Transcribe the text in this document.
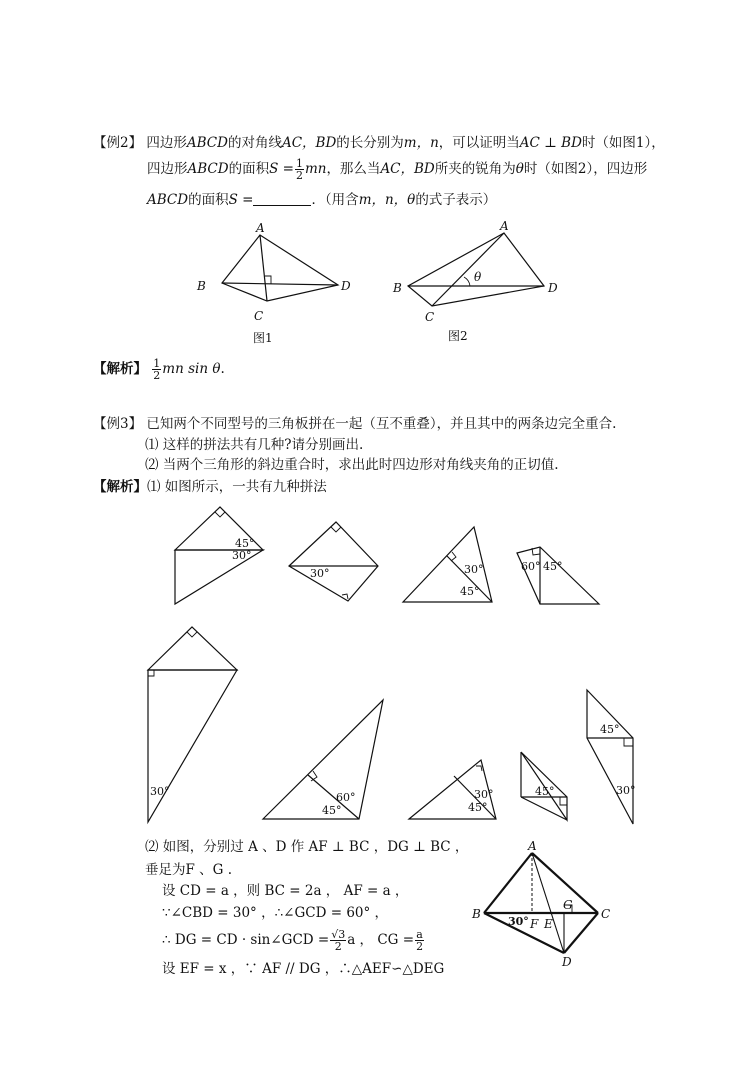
【例2】 四边形ABCD的对角线AC，BD的长分别为m，n，可以证明当AC ⊥ BD时（如图1），
四边形ABCD的面积$S = \frac{1}{2}$ mn，那么当AC，BD所夹的锐角为θ时（如图2），四边形
ABCD的面积S =	．（用含m，n，θ的式子表示）
【解析】 $\frac{1}{2}$ mn sin θ.
【例3】 已知两个不同型号的三角板拼在一起（互不重叠），并且其中的两条边完全重合.
⑴ 这样的拼法共有几种?请分别画出.
⑵ 当两个三角形的斜边重合时，求出此时四边形对角线夹角的正切值.
【解析】⑴ 如图所示，一共有九种拼法
⑵ 如图，分别过 A 、D 作 AF ⊥ BC ，DG ⊥ BC ，
垂足为F 、G .
设 CD = a ，则 BC = 2a ， AF = a ，
∵∠CBD = 30° ，∴∠GCD = 60° ，
∴ DG = CD · sin∠GCD = $\frac{√3}{2}$ a ， CG = $\frac{a}{2}$
设 EF = x ，∵ AF // DG ，∴△AEF∽△DEG
A
B
C
D
图1
θ
A
B
C
D
图2
45°
30°
30°	30°
45°
60° 45°
30°	60°
45°
30°
45°
45°
45°
30°
A
B	C
D
E
F
G
30°
